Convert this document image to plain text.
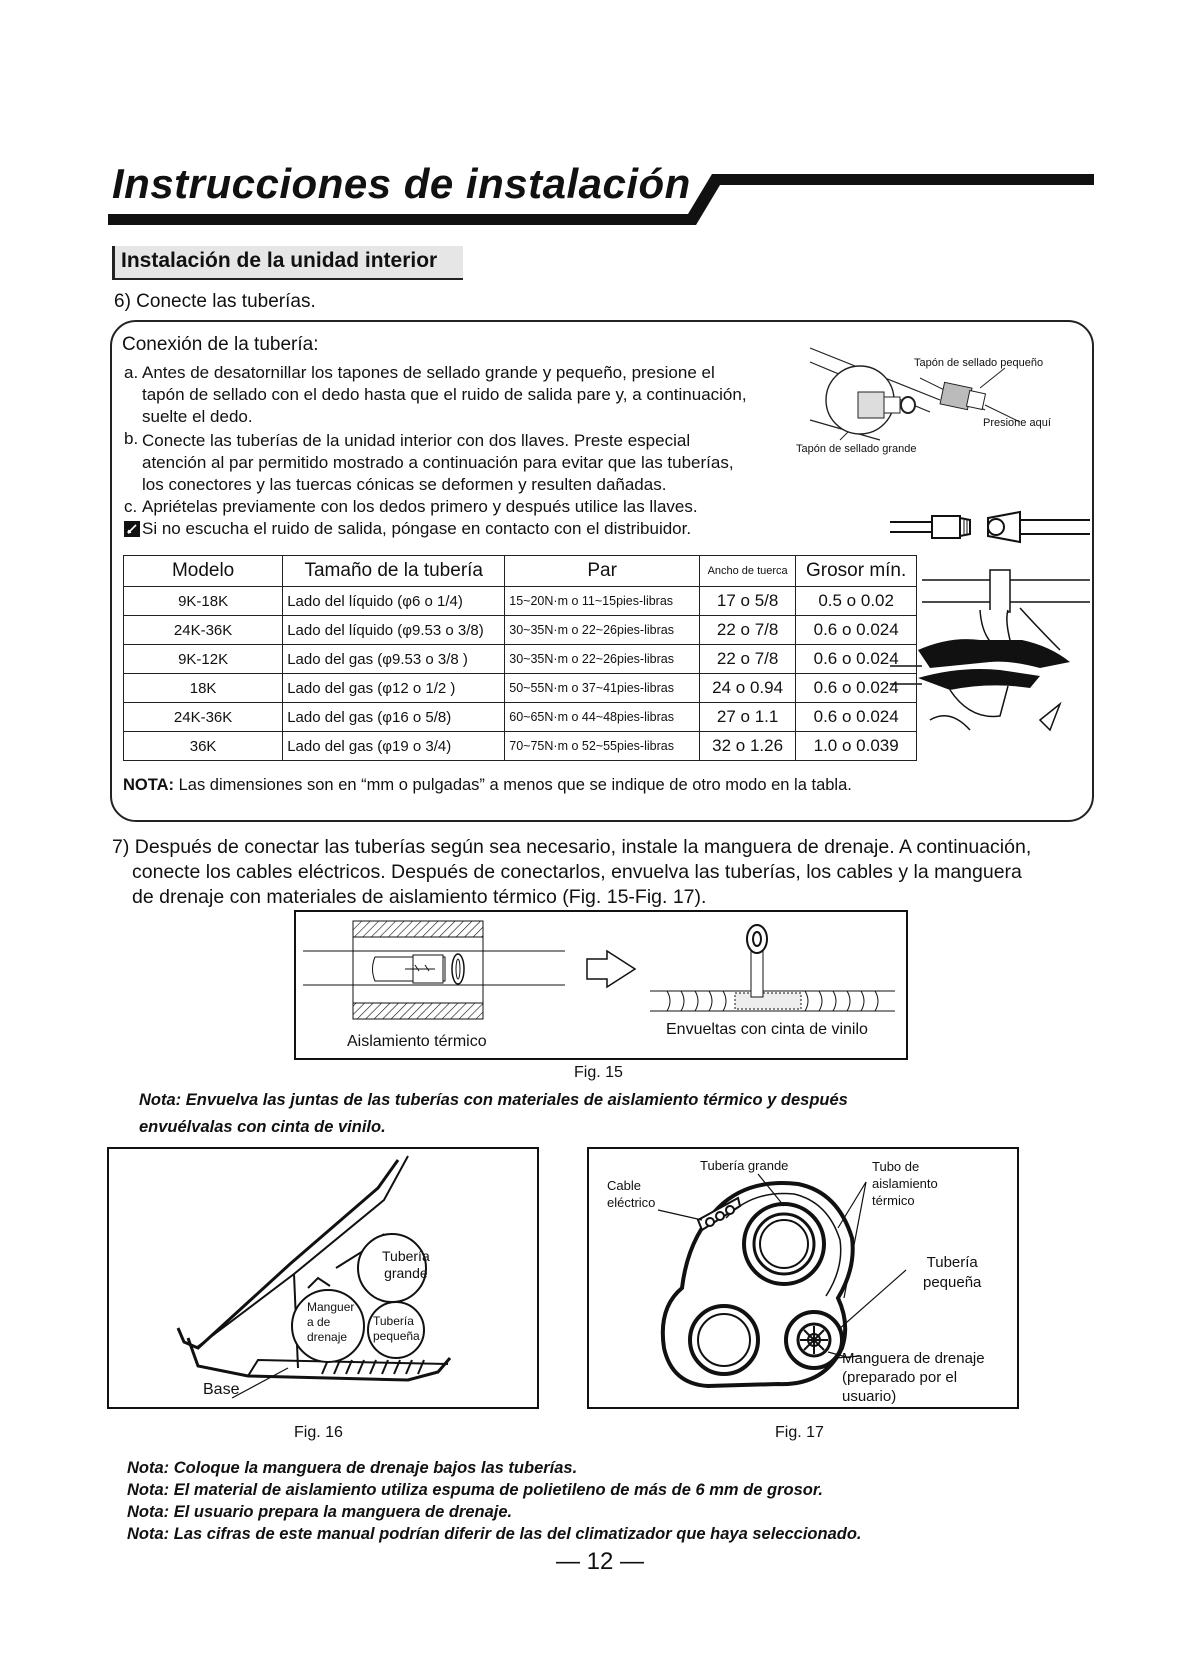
Instrucciones de instalación
Instalación de la unidad interior
6) Conecte las tuberías.
Conexión de la tubería:
a. Antes de desatornillar los tapones de sellado grande y pequeño, presione el
tapón de sellado con el dedo hasta que el ruido de salida pare y, a continuación,
suelte el dedo.
b. Conecte las tuberías de la unidad interior con dos llaves. Preste especial
atención al par permitido mostrado a continuación para evitar que las tuberías,
los conectores y las tuercas cónicas se deformen y resulten dañadas.
c. Apriételas previamente con los dedos primero y después utilice las llaves.
Si no escucha el ruido de salida, póngase en contacto con el distribuidor.
Tapón de sellado pequeño
Presione aquí
Tapón de sellado grande
Modelo	Tamaño de la tubería	Par	Ancho de tuerca	Grosor mín.
9K-18K	Lado del líquido (φ6 o 1/4)	15~20N·m o 11~15pies-libras	17 o 5/8	0.5 o 0.02
24K-36K	Lado del líquido (φ9.53 o 3/8)	30~35N·m o 22~26pies-libras	22 o 7/8	0.6 o 0.024
9K-12K	Lado del gas (φ9.53 o 3/8 )	30~35N·m o 22~26pies-libras	22 o 7/8	0.6 o 0.024
18K	Lado del gas (φ12 o 1/2 )	50~55N·m o 37~41pies-libras	24 o 0.94	0.6 o 0.024
24K-36K	Lado del gas (φ16 o 5/8)	60~65N·m o 44~48pies-libras	27 o 1.1	0.6 o 0.024
36K	Lado del gas (φ19 o 3/4)	70~75N·m o 52~55pies-libras	32 o 1.26	1.0 o 0.039
NOTA: Las dimensiones son en “mm o pulgadas” a menos que se indique de otro modo en la tabla.
7) Después de conectar las tuberías según sea necesario, instale la manguera de drenaje. A continuación,
conecte los cables eléctricos. Después de conectarlos, envuelva las tuberías, los cables y la manguera
de drenaje con materiales de aislamiento térmico (Fig. 15-Fig. 17).
Aislamiento térmico
Envueltas con cinta de vinilo
Fig. 15
Nota: Envuelva las juntas de las tuberías con materiales de aislamiento térmico y después
envuélvalas con cinta de vinilo.
Tubería
grande
Manguer
a de
drenaje
Tubería
pequeña
Base
Fig. 16
Cable
eléctrico
Tubería grande	Tubo de
aislamiento
térmico
Tubería
pequeña
Manguera de drenaje
(preparado por el
usuario)
Fig. 17
Nota: Coloque la manguera de drenaje bajos las tuberías.
Nota: El material de aislamiento utiliza espuma de polietileno de más de 6 mm de grosor.
Nota: El usuario prepara la manguera de drenaje.
Nota: Las cifras de este manual podrían diferir de las del climatizador que haya seleccionado.
— 12 —
